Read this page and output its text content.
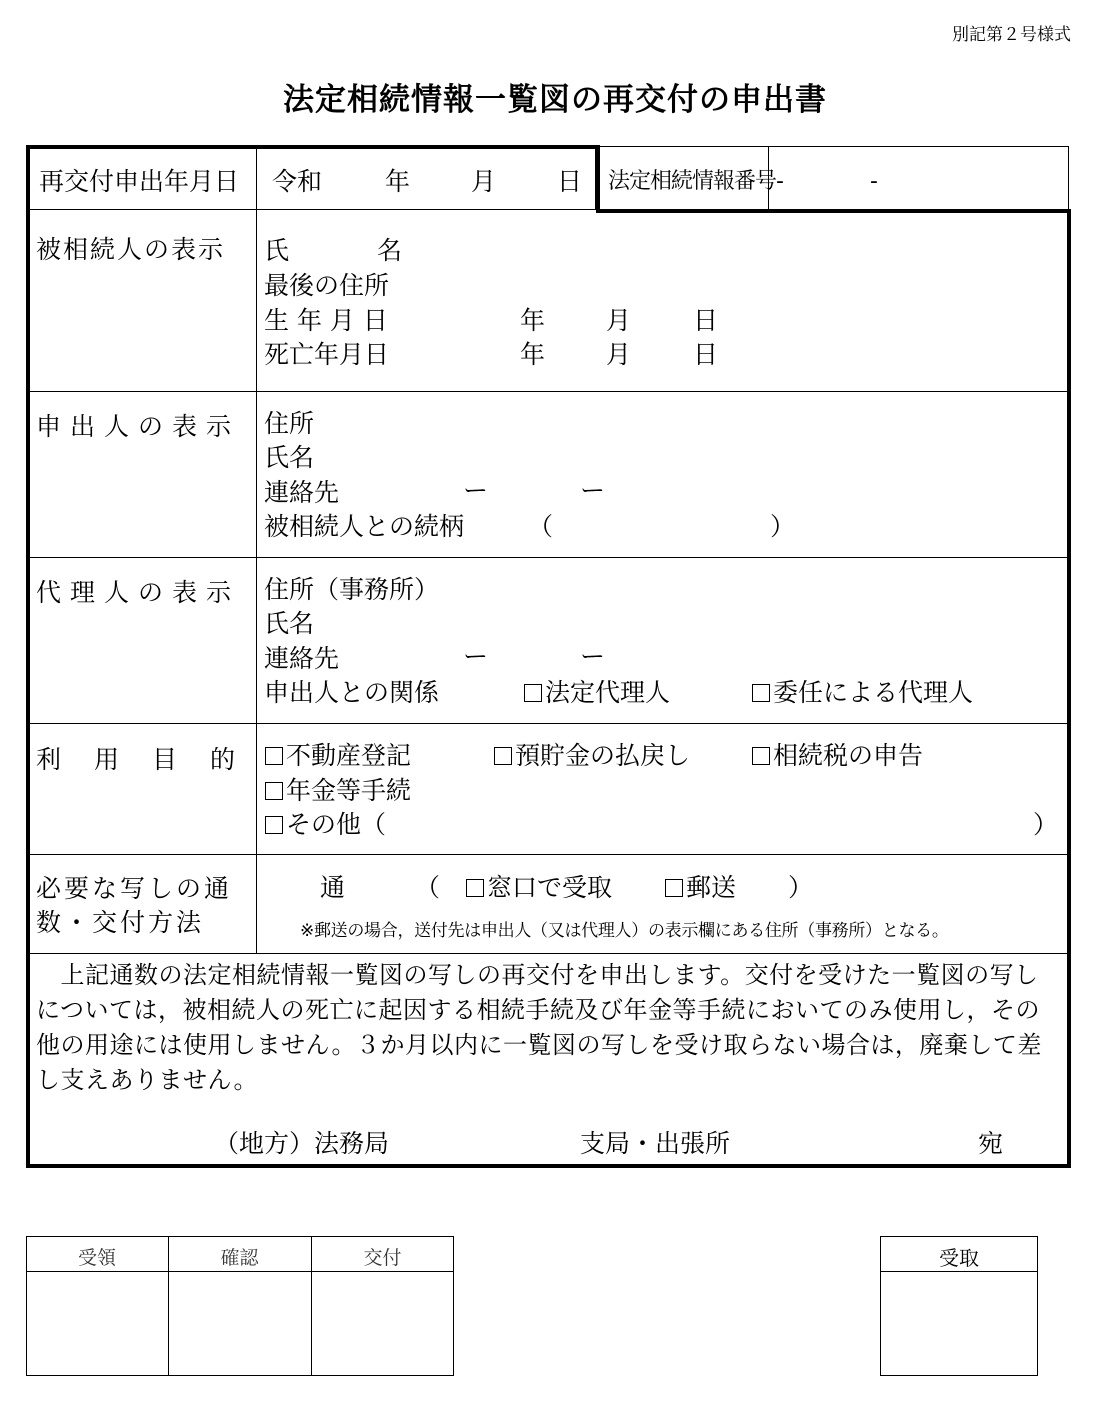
別記第２号様式
法定相続情報一覧図の再交付の申出書
再交付申出年月日 令和	年 月 日 法定相続情報番号 -	-
被相続人の表示 氏	名
最後の住所
生 年 月 日	年 月 日
死亡年月日	年 月 日
申出人の表示 住所
氏名
連絡先	ー	ー
被相続人との続柄	（	）
代理人の表示 住所（事務所）
氏名
連絡先	ー	ー
申出人との関係	法定代理人	委任による代理人
利　用　目　的	不動産登記	預貯金の払戻し	相続税の申告
年金等手続
その他（	）
必要な写しの通
数・交付方法
通	（	窓口で受取	郵送 ）
※郵送の場合，送付先は申出人（又は代理人）の表示欄にある住所（事務所）となる。
　上記通数の法定相続情報一覧図の写しの再交付を申出します。交付を受けた一覧図の写し
については，被相続人の死亡に起因する相続手続及び年金等手続においてのみ使用し，その
他の用途には使用しません。３か月以内に一覧図の写しを受け取らない場合は，廃棄して差
し支えありません。
（地方）法務局	支局・出張所	宛
受領	確認	交付	受取
